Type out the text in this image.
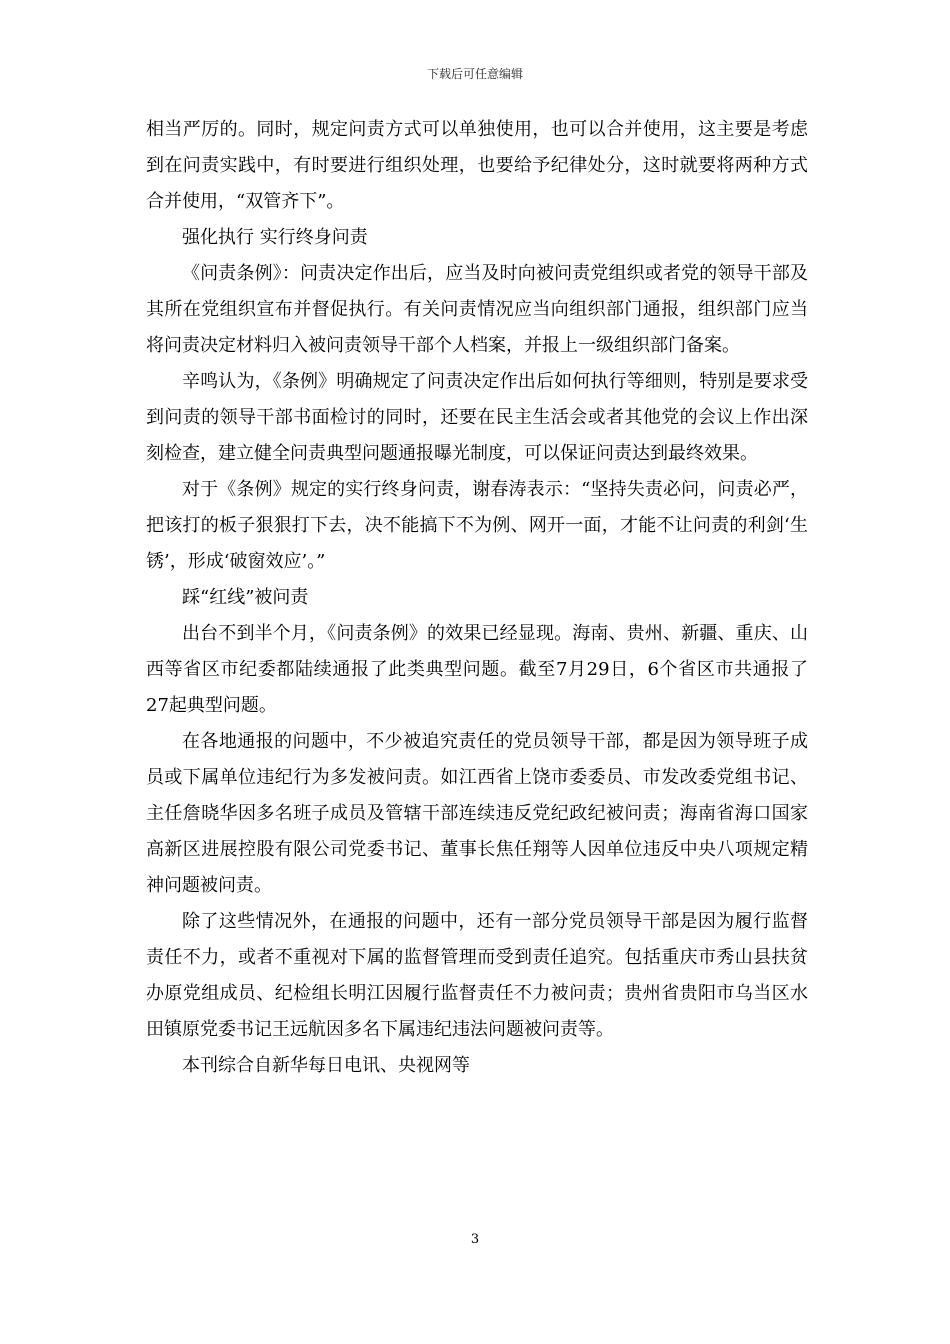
下载后可任意编辑

相当严厉的。同时，规定问责方式可以单独使用，也可以合并使用，这主要是考虑到在问责实践中，有时要进行组织处理，也要给予纪律处分，这时就要将两种方式合并使用，“双管齐下”。

强化执行 实行终身问责

《问责条例》：问责决定作出后，应当及时向被问责党组织或者党的领导干部及其所在党组织宣布并督促执行。有关问责情况应当向组织部门通报，组织部门应当将问责决定材料归入被问责领导干部个人档案，并报上一级组织部门备案。

辛鸣认为，《条例》明确规定了问责决定作出后如何执行等细则，特别是要求受到问责的领导干部书面检讨的同时，还要在民主生活会或者其他党的会议上作出深刻检查，建立健全问责典型问题通报曝光制度，可以保证问责达到最终效果。

对于《条例》规定的实行终身问责，谢春涛表示：“坚持失责必问，问责必严，把该打的板子狠狠打下去，决不能搞下不为例、网开一面，才能不让问责的利剑‘生锈’，形成‘破窗效应’。”

踩“红线”被问责

出台不到半个月，《问责条例》的效果已经显现。海南、贵州、新疆、重庆、山西等省区市纪委都陆续通报了此类典型问题。截至7月29日，6个省区市共通报了27起典型问题。

在各地通报的问题中，不少被追究责任的党员领导干部，都是因为领导班子成员或下属单位违纪行为多发被问责。如江西省上饶市委委员、市发改委党组书记、主任詹晓华因多名班子成员及管辖干部连续违反党纪政纪被问责；海南省海口国家高新区进展控股有限公司党委书记、董事长焦任翔等人因单位违反中央八项规定精神问题被问责。

除了这些情况外，在通报的问题中，还有一部分党员领导干部是因为履行监督责任不力，或者不重视对下属的监督管理而受到责任追究。包括重庆市秀山县扶贫办原党组成员、纪检组长明江因履行监督责任不力被问责；贵州省贵阳市乌当区水田镇原党委书记王远航因多名下属违纪违法问题被问责等。

本刊综合自新华每日电讯、央视网等

3
